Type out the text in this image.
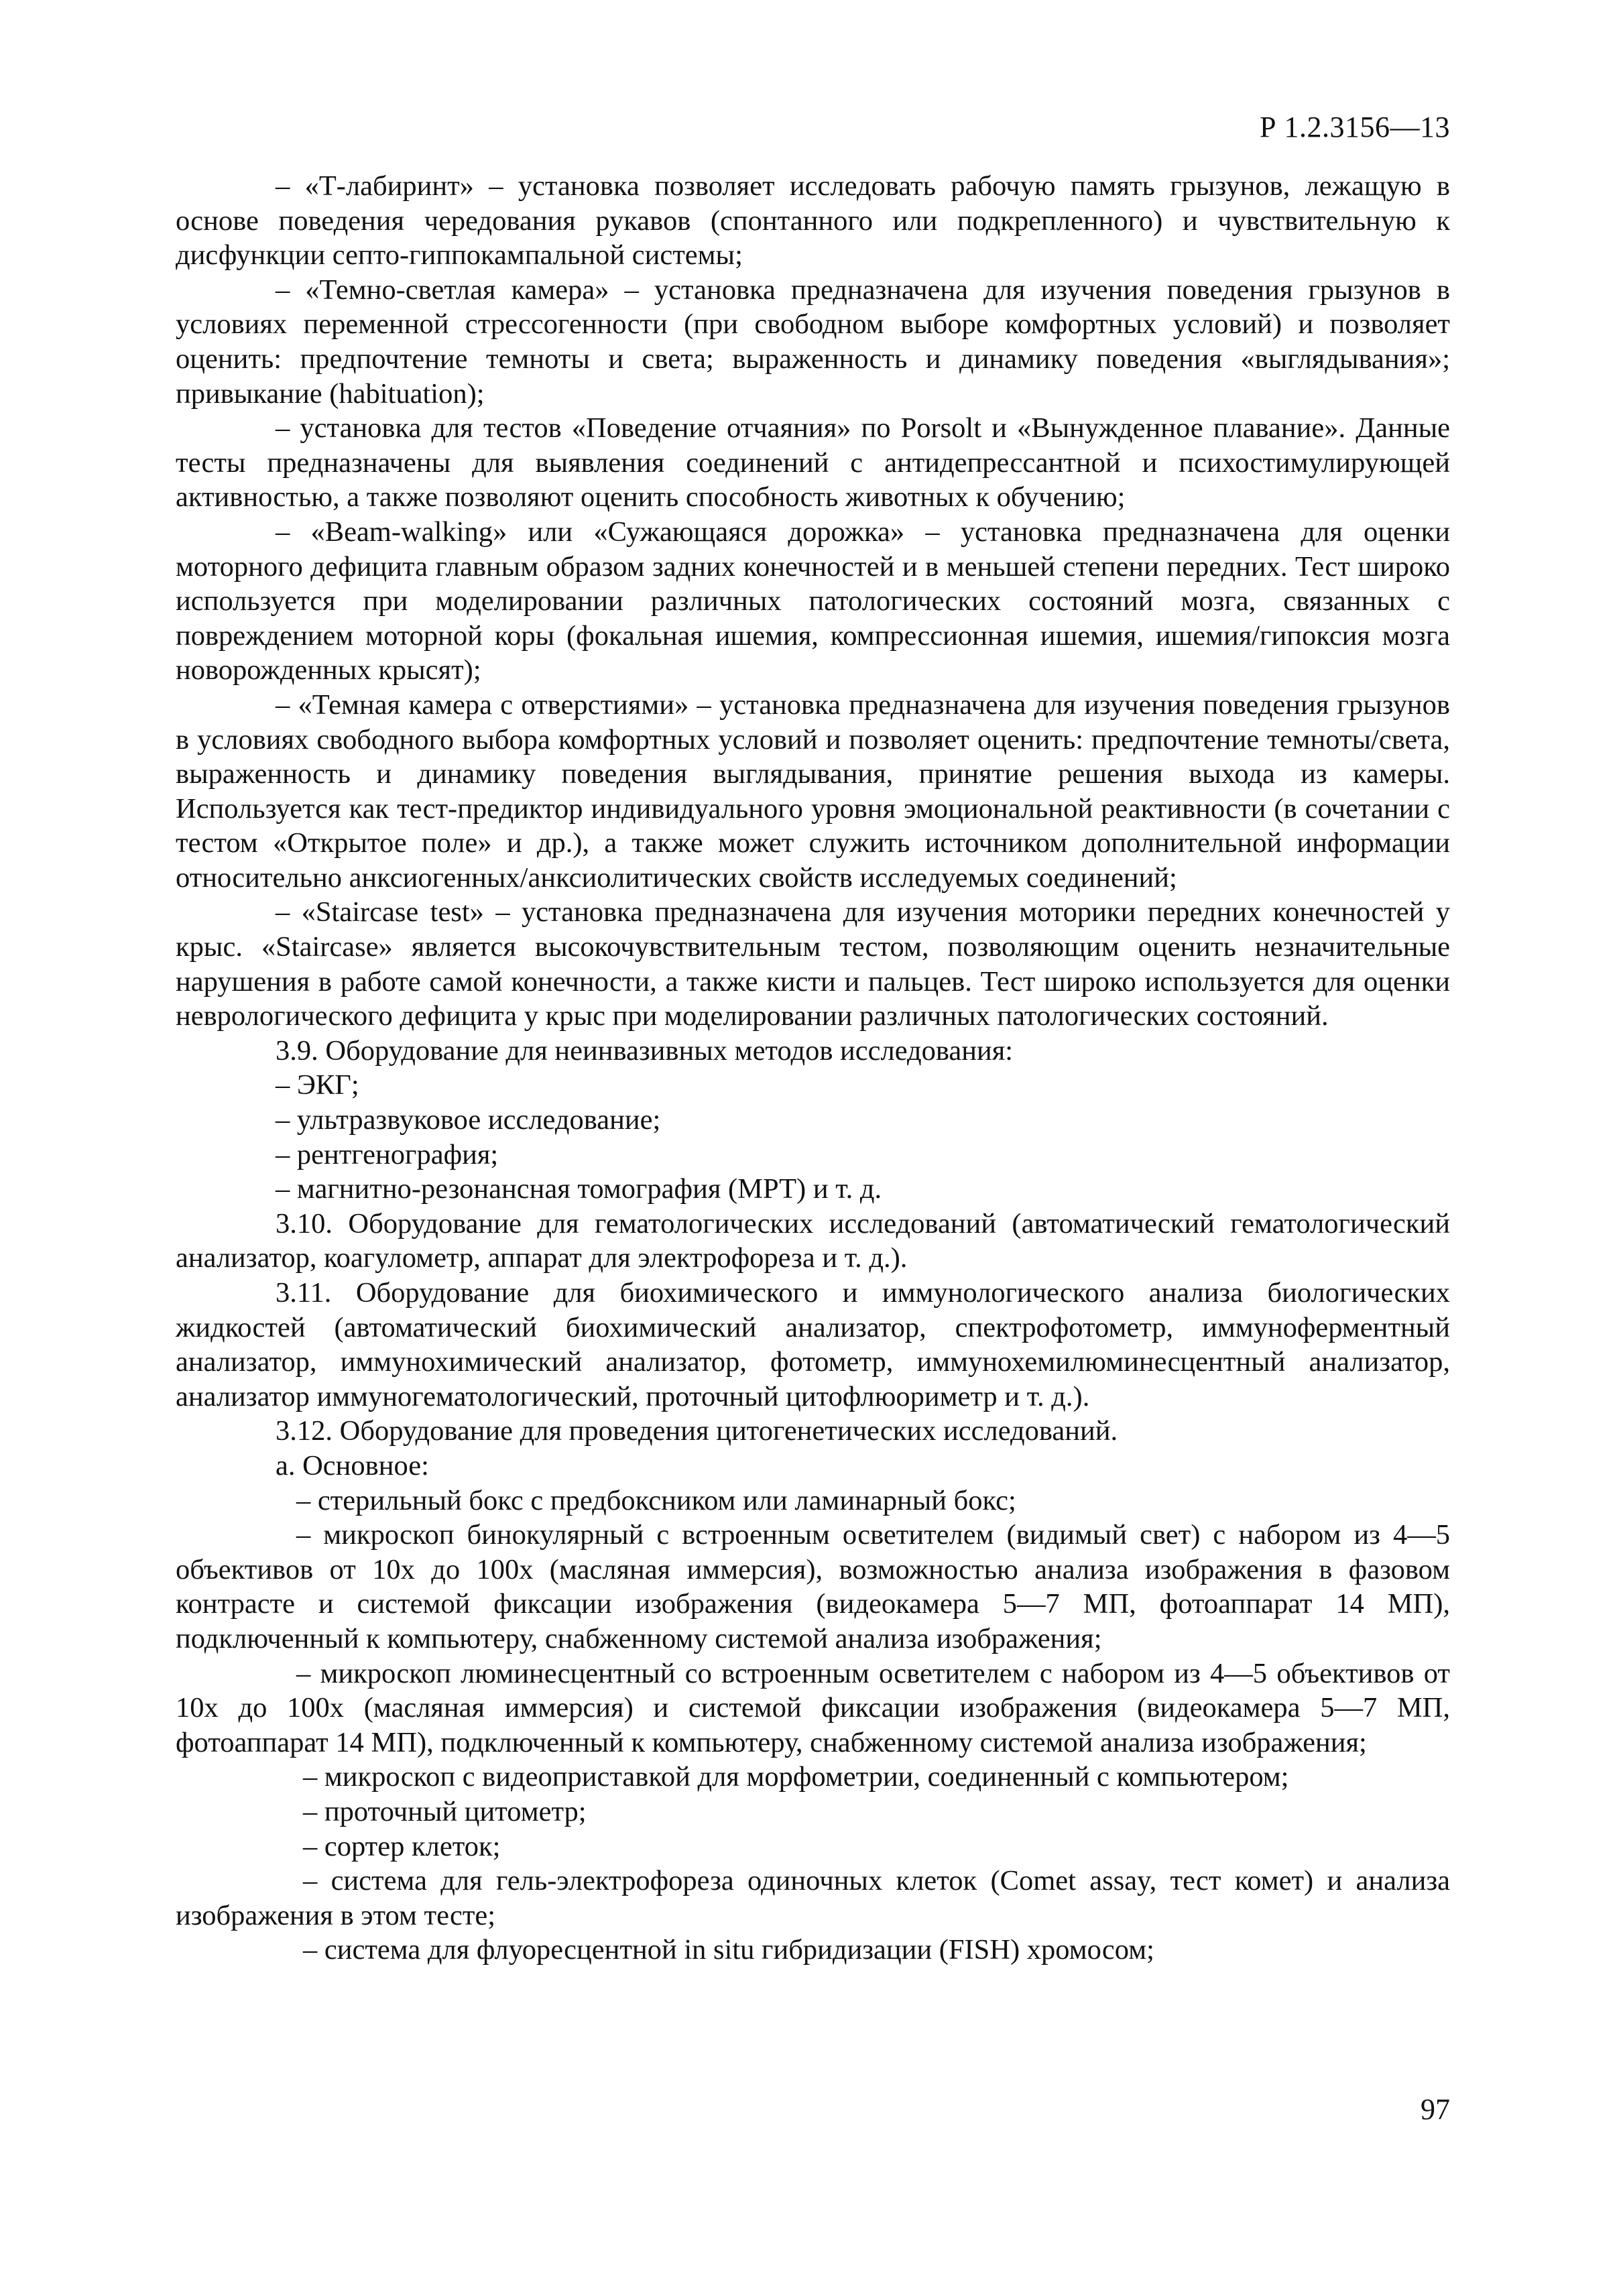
Р 1.2.3156—13

– «Т-лабиринт» – установка позволяет исследовать рабочую память грызунов, лежащую в основе поведения чередования рукавов (спонтанного или подкрепленного) и чувствительную к дисфункции септо-гиппокампальной системы;

– «Темно-светлая камера» – установка предназначена для изучения поведения грызунов в условиях переменной стрессогенности (при свободном выборе комфортных условий) и позволяет оценить: предпочтение темноты и света; выраженность и динамику поведения «выглядывания»; привыкание (habituation);

– установка для тестов «Поведение отчаяния» по Porsolt и «Вынужденное плавание». Данные тесты предназначены для выявления соединений с антидепрессантной и психостимулирующей активностью, а также позволяют оценить способность животных к обучению;

– «Beam-walking» или «Сужающаяся дорожка» – установка предназначена для оценки моторного дефицита главным образом задних конечностей и в меньшей степени передних. Тест широко используется при моделировании различных патологических состояний мозга, связанных с повреждением моторной коры (фокальная ишемия, компрессионная ишемия, ишемия/гипоксия мозга новорожденных крысят);

– «Темная камера с отверстиями» – установка предназначена для изучения поведения грызунов в условиях свободного выбора комфортных условий и позволяет оценить: предпочтение темноты/света, выраженность и динамику поведения выглядывания, принятие решения выхода из камеры. Используется как тест-предиктор индивидуального уровня эмоциональной реактивности (в сочетании с тестом «Открытое поле» и др.), а также может служить источником дополнительной информации относительно анксиогенных/анксиолитических свойств исследуемых соединений;

– «Staircase test» – установка предназначена для изучения моторики передних конечностей у крыс. «Staircase» является высокочувствительным тестом, позволяющим оценить незначительные нарушения в работе самой конечности, а также кисти и пальцев. Тест широко используется для оценки неврологического дефицита у крыс при моделировании различных патологических состояний.

3.9. Оборудование для неинвазивных методов исследования:

– ЭКГ;

– ультразвуковое исследование;

– рентгенография;

– магнитно-резонансная томография (МРТ) и т. д.

3.10. Оборудование для гематологических исследований (автоматический гематологический анализатор, коагулометр, аппарат для электрофореза и т. д.).

3.11. Оборудование для биохимического и иммунологического анализа биологических жидкостей (автоматический биохимический анализатор, спектрофотометр, иммуноферментный анализатор, иммунохимический анализатор, фотометр, иммунохемилюминесцентный анализатор, анализатор иммуногематологический, проточный цитофлюориметр и т. д.).

3.12. Оборудование для проведения цитогенетических исследований.

а. Основное:

– стерильный бокс с предбоксником или ламинарный бокс;

– микроскоп бинокулярный с встроенным осветителем (видимый свет) с набором из 4—5 объективов от 10х до 100х (масляная иммерсия), возможностью анализа изображения в фазовом контрасте и системой фиксации изображения (видеокамера 5—7 МП, фотоаппарат 14 МП), подключенный к компьютеру, снабженному системой анализа изображения;

– микроскоп люминесцентный со встроенным осветителем с набором из 4—5 объективов от 10х до 100х (масляная иммерсия) и системой фиксации изображения (видеокамера 5—7 МП, фотоаппарат 14 МП), подключенный к компьютеру, снабженному системой анализа изображения;

– микроскоп с видеоприставкой для морфометрии, соединенный с компьютером;

– проточный цитометр;

– сортер клеток;

– система для гель-электрофореза одиночных клеток (Comet assay, тест комет) и анализа изображения в этом тесте;

– система для флуоресцентной in situ гибридизации (FISH) хромосом;

97
